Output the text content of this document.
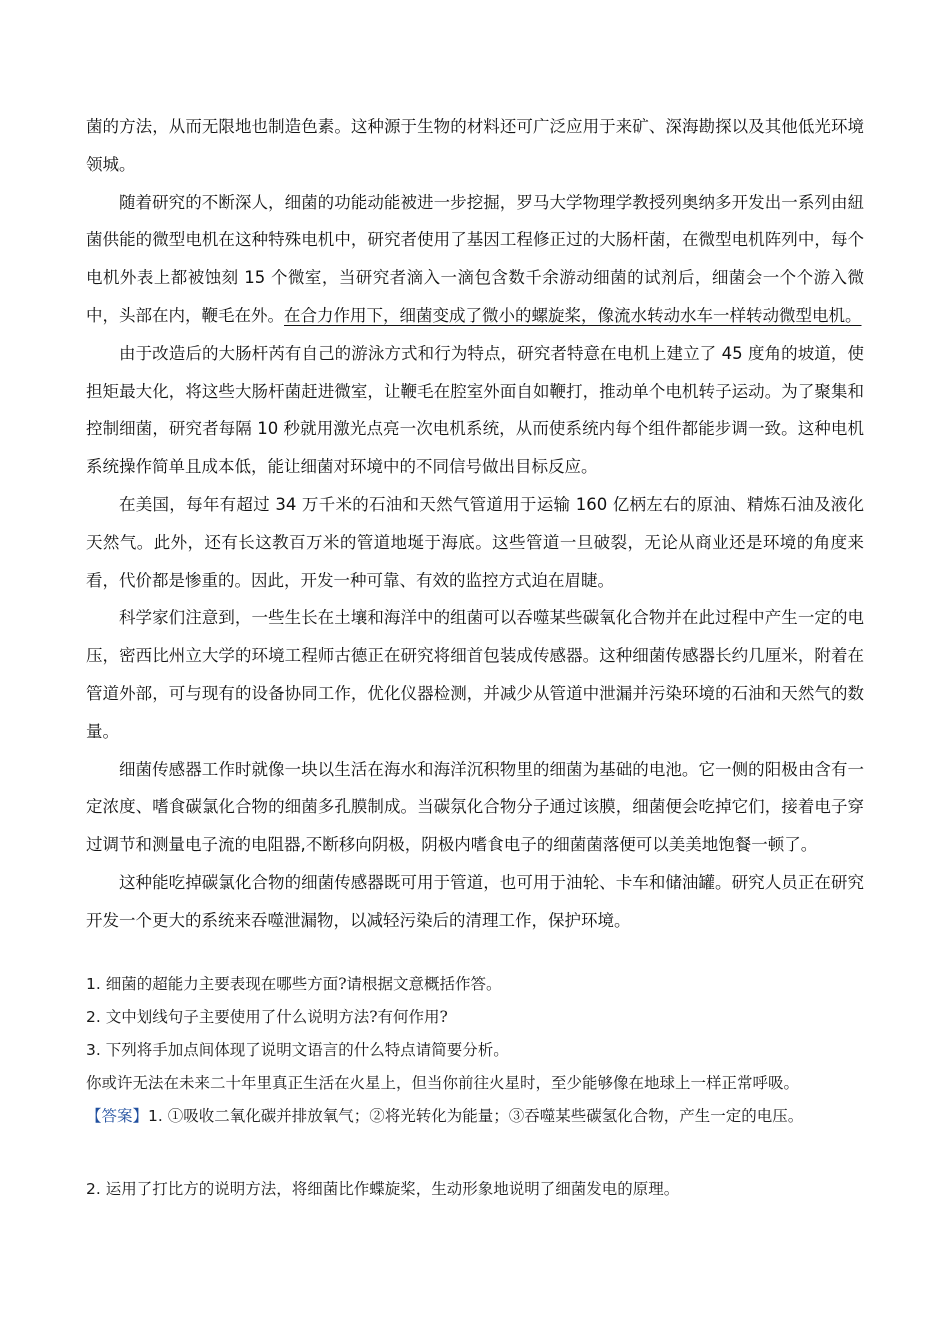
菌的方法，从而无限地也制造色素。这种源于生物的材料还可广泛应用于来矿、深海勘探以及其他低光环境领城。

随着研究的不断深人，细菌的功能动能被进一步挖掘，罗马大学物理学教授列奥纳多开发出一系列由紐菌供能的微型电机在这种特殊电机中，研究者使用了基因工程修正过的大肠杆菌，在微型电机阵列中，每个电机外表上都被蚀刻 15 个微室，当研究者滴入一滴包含数千余游动细菌的试剂后，细菌会一个个游入微中，头部在内，鞭毛在外。在合力作用下，细菌变成了微小的螺旋桨，像流水转动水车一样转动微型电机。

由于改造后的大肠杆芮有自己的游泳方式和行为特点，研究者特意在电机上建立了 45 度角的坡道，使担矩最大化，将这些大肠杆菌赶进微室，让鞭毛在腔室外面自如鞭打，推动单个电机转子运动。为了聚集和控制细菌，研究者每隔 10 秒就用激光点亮一次电机系统，从而使系统内每个组件都能步调一致。这种电机系统操作简单且成本低，能让细菌对环境中的不同信号做出目标反应。

在美国，每年有超过 34 万千米的石油和天然气管道用于运输 160 亿柄左右的原油、精炼石油及液化天然气。此外，还有长这教百万米的管道地埏于海底。这些管道一旦破裂，无论从商业还是环境的角度来看，代价都是惨重的。因此，开发一种可靠、有效的监控方式迫在眉睫。

科学家们注意到，一些生长在土壤和海洋中的组菌可以吞噬某些碳氧化合物并在此过程中产生一定的电压，密西比州立大学的环境工程师古德正在研究将细首包装成传感器。这种细菌传感器长约几厘米，附着在管道外部，可与现有的设备协同工作，优化仪器检测，并减少从管道中泄漏并污染环境的石油和天然气的数量。

细菌传感器工作时就像一块以生活在海水和海洋沉积物里的细菌为基础的电池。它一侧的阳极由含有一定浓度、嗜食碳氯化合物的细菌多孔膜制成。当碳氛化合物分子通过该膜，细菌便会吃掉它们，接着电子穿过调节和测量电子流的电阻器,不断移向阴极，阴极内嗜食电子的细菌菌落便可以美美地饱餐一顿了。

这种能吃掉碳氯化合物的细菌传感器既可用于管道，也可用于油轮、卡车和储油罐。研究人员正在研究开发一个更大的系统来吞噬泄漏物，以减轻污染后的清理工作，保护环境。

1. 细菌的超能力主要表现在哪些方面?请根据文意概括作答。

2. 文中划线句子主要使用了什么说明方法?有何作用?

3. 下列将手加点间体现了说明文语言的什么特点请简要分析。

你或许无法在未来二十年里真正生活在火星上，但当你前往火星时，至少能够像在地球上一样正常呼吸。

【答案】1. ①吸收二氧化碳并排放氧气；②将光转化为能量；③吞噬某些碳氢化合物，产生一定的电压。

2. 运用了打比方的说明方法，将细菌比作蝶旋桨，生动形象地说明了细菌发电的原理。
